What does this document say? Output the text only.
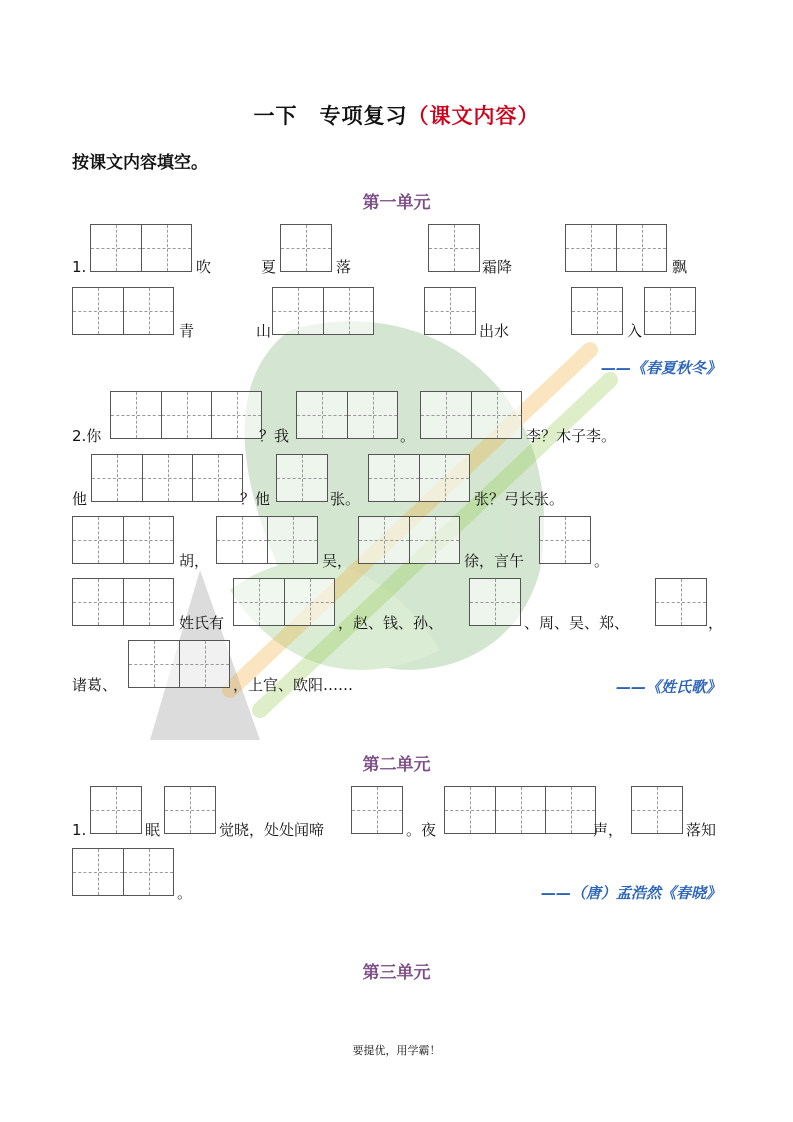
一下　专项复习（课文内容）
按课文内容填空。
第一单元
1.	吹	夏	落	霜降	飘
青	山	出水	入
——《春夏秋冬》
2.你	？我	。	李？木子李。
他	？他	张。	张？弓长张。
胡，	吴，	徐，言午	。
姓氏有	，赵、钱、孙、	、周、吴、郑、	，
诸葛、	，上官、欧阳……	——《姓氏歌》
第二单元
1.	眠	觉晓，处处闻啼	。夜	声，	落知
。	——（唐）孟浩然《春晓》
第三单元
要提优，用学霸！
